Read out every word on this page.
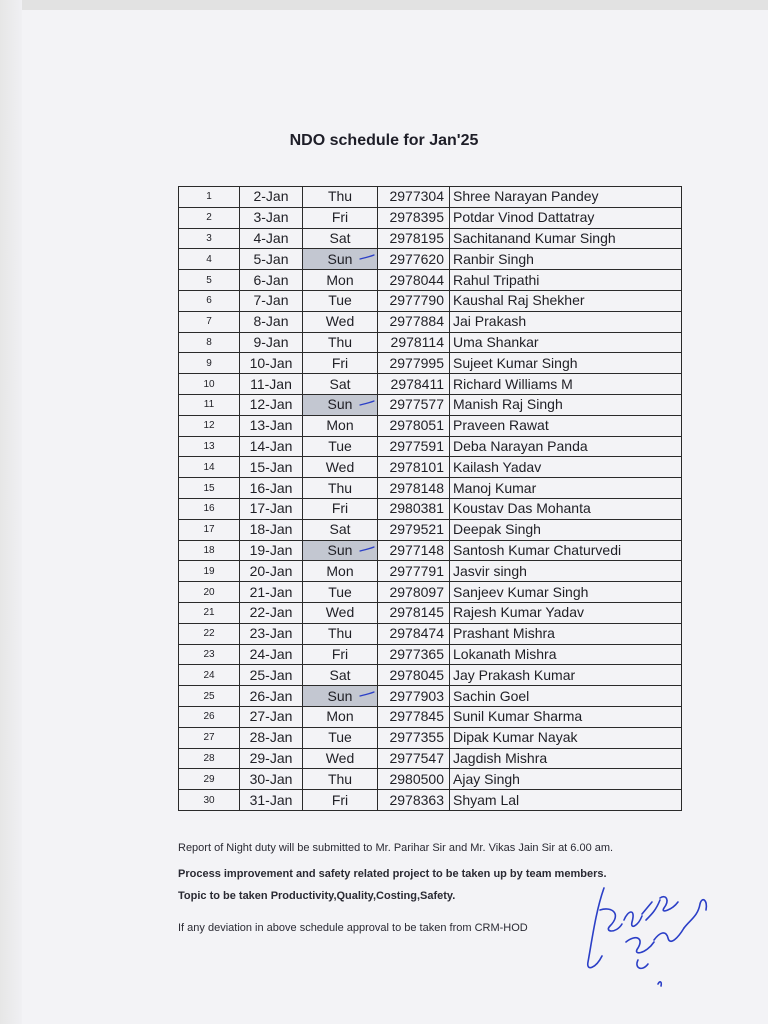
NDO schedule for Jan'25
1	2-Jan	Thu	2977304	Shree Narayan Pandey
2	3-Jan	Fri	2978395	Potdar Vinod Dattatray
3	4-Jan	Sat	2978195	Sachitanand Kumar Singh
4	5-Jan	Sun	2977620	Ranbir Singh
5	6-Jan	Mon	2978044	Rahul Tripathi
6	7-Jan	Tue	2977790	Kaushal Raj Shekher
7	8-Jan	Wed	2977884	Jai Prakash
8	9-Jan	Thu	2978114	Uma Shankar
9	10-Jan	Fri	2977995	Sujeet Kumar Singh
10	11-Jan	Sat	2978411	Richard Williams M
11	12-Jan	Sun	2977577	Manish Raj Singh
12	13-Jan	Mon	2978051	Praveen Rawat
13	14-Jan	Tue	2977591	Deba Narayan Panda
14	15-Jan	Wed	2978101	Kailash Yadav
15	16-Jan	Thu	2978148	Manoj Kumar
16	17-Jan	Fri	2980381	Koustav Das Mohanta
17	18-Jan	Sat	2979521	Deepak Singh
18	19-Jan	Sun	2977148	Santosh Kumar Chaturvedi
19	20-Jan	Mon	2977791	Jasvir singh
20	21-Jan	Tue	2978097	Sanjeev Kumar Singh
21	22-Jan	Wed	2978145	Rajesh Kumar Yadav
22	23-Jan	Thu	2978474	Prashant Mishra
23	24-Jan	Fri	2977365	Lokanath Mishra
24	25-Jan	Sat	2978045	Jay Prakash Kumar
25	26-Jan	Sun	2977903	Sachin Goel
26	27-Jan	Mon	2977845	Sunil Kumar Sharma
27	28-Jan	Tue	2977355	Dipak Kumar Nayak
28	29-Jan	Wed	2977547	Jagdish Mishra
29	30-Jan	Thu	2980500	Ajay Singh
30	31-Jan	Fri	2978363	Shyam Lal
Report of Night duty will be submitted to Mr. Parihar Sir and Mr. Vikas Jain Sir at 6.00 am.
Process improvement and safety related project to be taken up by team members.
Topic to be taken Productivity,Quality,Costing,Safety.
If any deviation in above schedule approval to be taken from CRM-HOD
